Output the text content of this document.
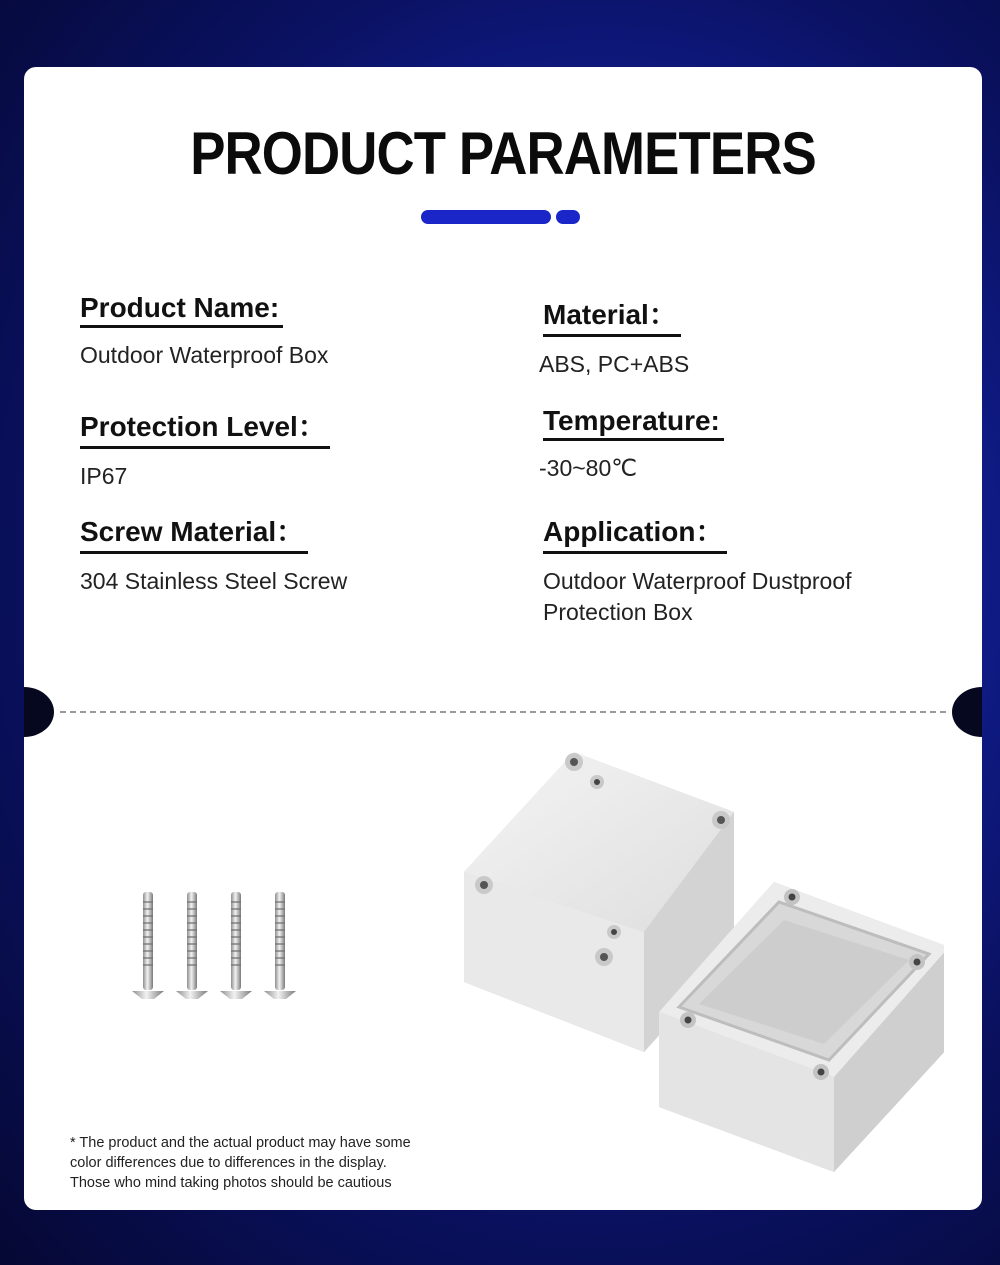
PRODUCT PARAMETERS
Product Name:
Outdoor Waterproof Box
Material：
ABS, PC+ABS
Protection Level：
IP67
Temperature:
-30~80℃
Screw Material：
304 Stainless Steel Screw
Application：
Outdoor Waterproof Dustproof
Protection Box
* The product and the actual product may have some
color differences due to differences in the display.
Those who mind taking photos should be cautious
